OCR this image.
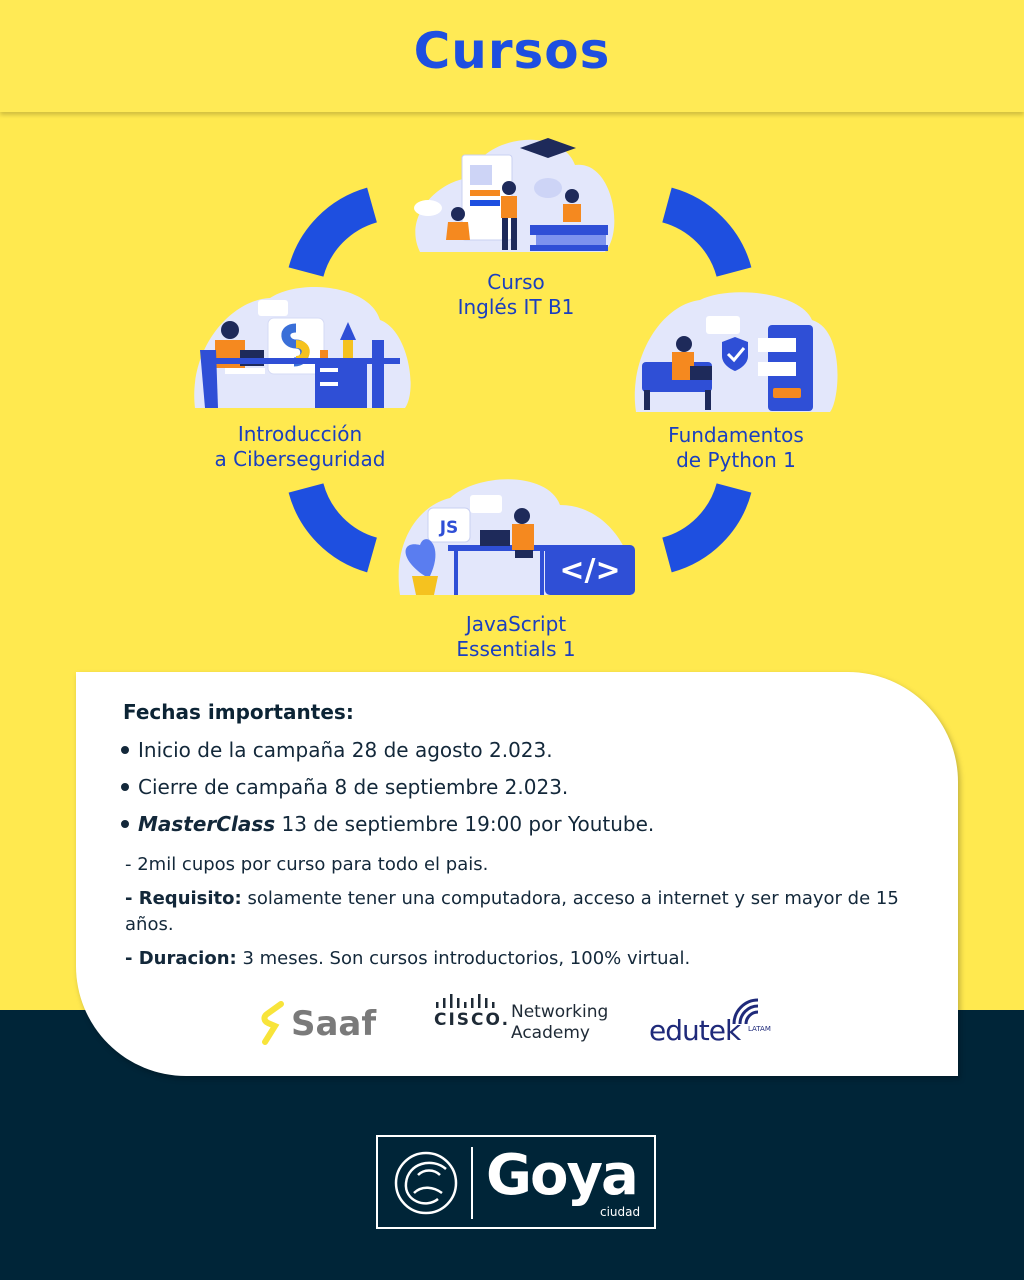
Cursos
JS
</>
Curso
Inglés IT B1
Fundamentos
de Python 1
JavaScript
Essentials 1
Introducción
a Ciberseguridad
Fechas importantes:
Inicio de la campaña 28 de agosto 2.023.
Cierre de campaña 8 de septiembre 2.023.
MasterClass 13 de septiembre 19:00 por Youtube.

- 2mil cupos por curso para todo el pais.

- Requisito: solamente tener una computadora, acceso a internet y ser mayor de 15 años.

- Duracion: 3 meses. Son cursos introductorios, 100% virtual.

Saaf	CISCO. Networking
Academy	edutek LATAM
Goya
ciudad
